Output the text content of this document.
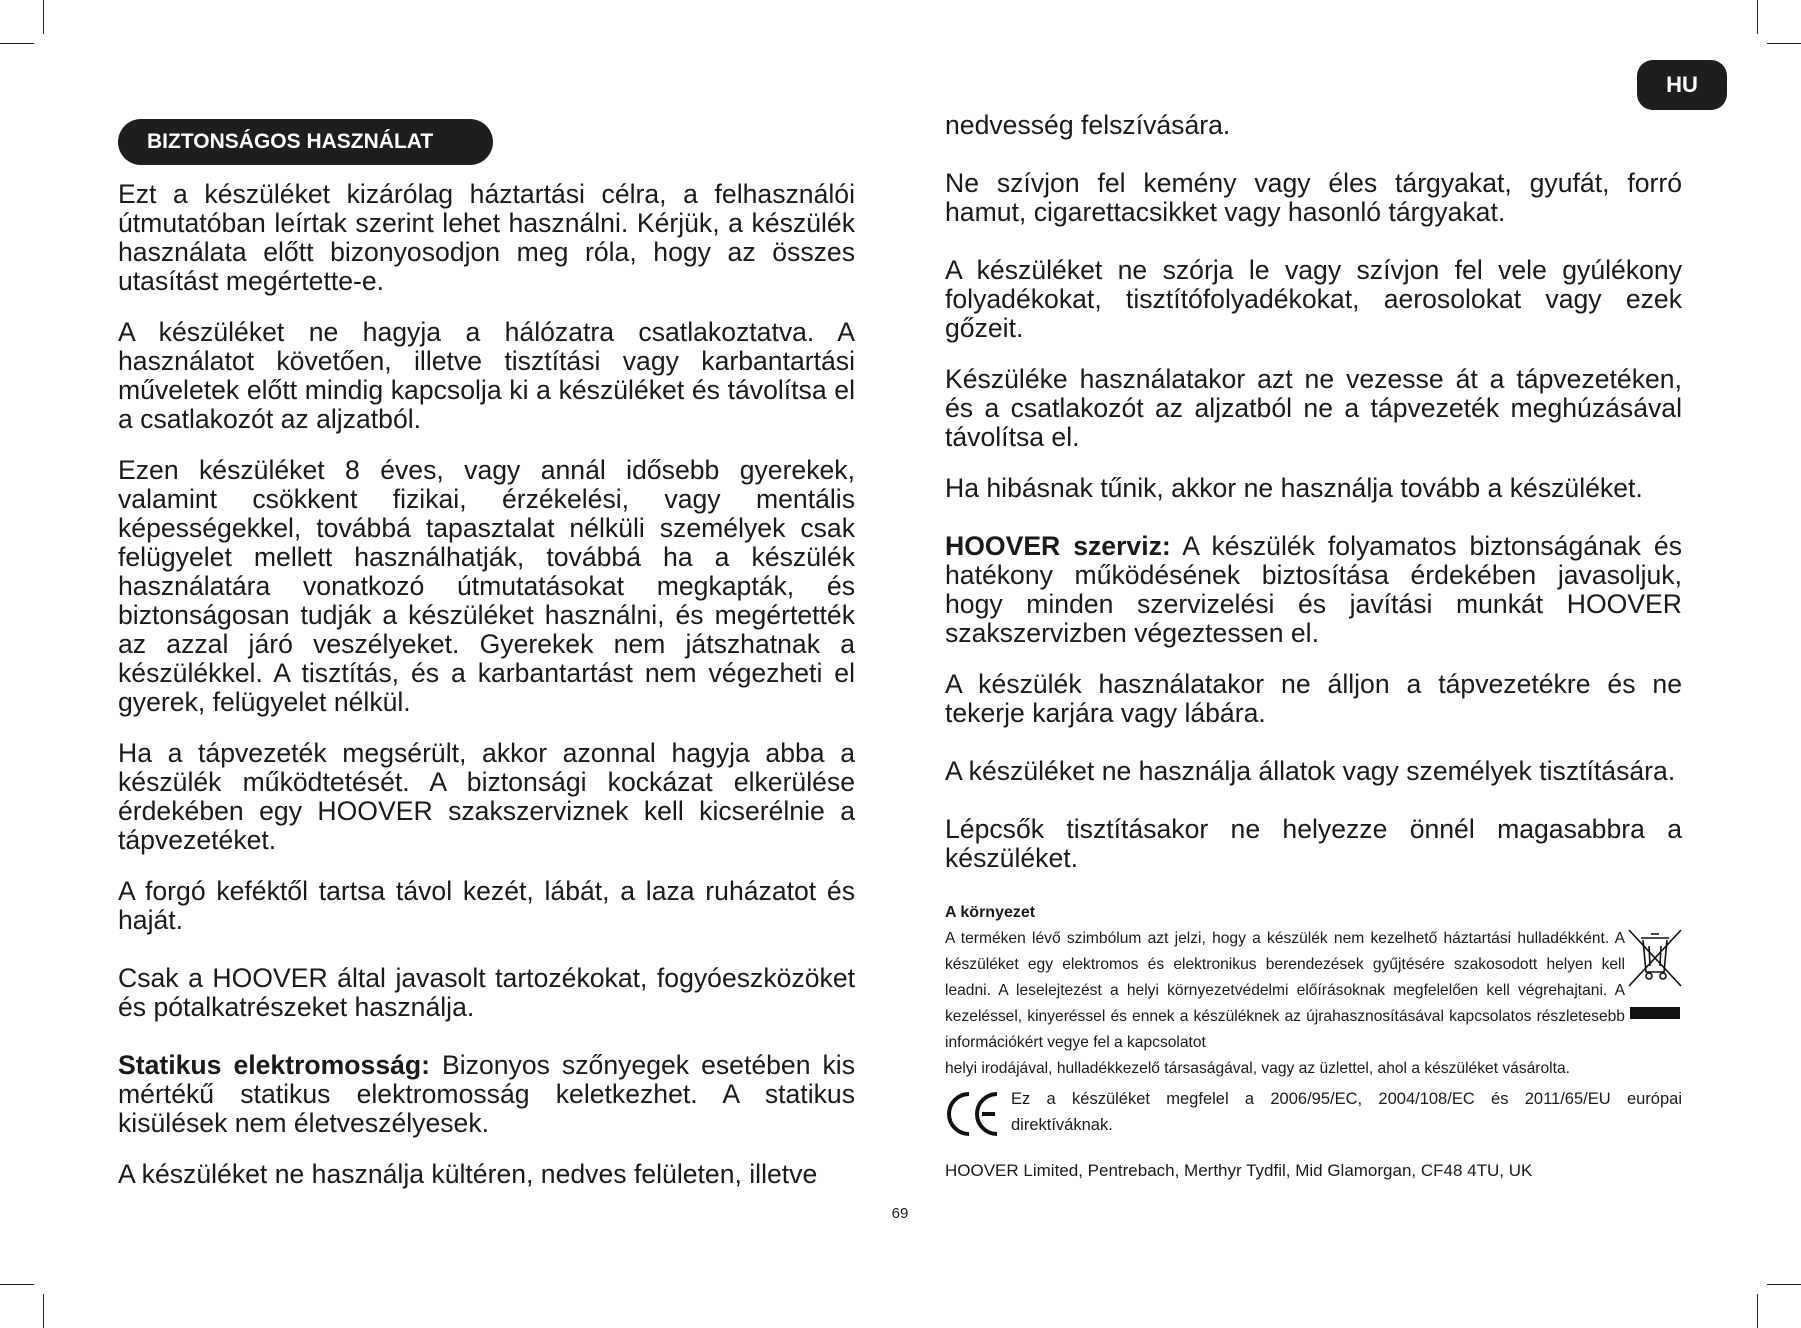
HU
BIZTONSÁGOS HASZNÁLAT

Ezt a készüléket kizárólag háztartási célra, a felhasználói útmutatóban leírtak szerint lehet használni. Kérjük, a készülék használata előtt bizonyosodjon meg róla, hogy az összes utasítást megértette-e.

A készüléket ne hagyja a hálózatra csatlakoztatva. A használatot követően, illetve tisztítási vagy karbantartási műveletek előtt mindig kapcsolja ki a készüléket és távolítsa el a csatlakozót az aljzatból.

Ezen készüléket 8 éves, vagy annál idősebb gyerekek, valamint csökkent fizikai, érzékelési, vagy mentális képességekkel, továbbá tapasztalat nélküli személyek csak felügyelet mellett használhatják, továbbá ha a készülék használatára vonatkozó útmutatásokat megkapták, és biztonságosan tudják a készüléket használni, és megértették az azzal járó veszélyeket. Gyerekek nem játszhatnak a készülékkel. A tisztítás, és a karbantartást nem végezheti el gyerek, felügyelet nélkül.

Ha a tápvezeték megsérült, akkor azonnal hagyja abba a készülék működtetését. A biztonsági kockázat elkerülése érdekében egy HOOVER szakszerviznek kell kicserélnie a tápvezetéket.

A forgó keféktől tartsa távol kezét, lábát, a laza ruházatot és haját.

Csak a HOOVER által javasolt tartozékokat, fogyóeszközöket és pótalkatrészeket használja.

Statikus elektromosság: Bizonyos szőnyegek esetében kis mértékű statikus elektromosság keletkezhet. A statikus kisülések nem életveszélyesek.

A készüléket ne használja kültéren, nedves felületen, illetve

nedvesség felszívására.

Ne szívjon fel kemény vagy éles tárgyakat, gyufát, forró hamut, cigarettacsikket vagy hasonló tárgyakat.

A készüléket ne szórja le vagy szívjon fel vele gyúlékony folyadékokat, tisztítófolyadékokat, aerosolokat vagy ezek gőzeit.

Készüléke használatakor azt ne vezesse át a tápvezetéken, és a csatlakozót az aljzatból ne a tápvezeték meghúzásával távolítsa el.

Ha hibásnak tűnik, akkor ne használja tovább a készüléket.

HOOVER szerviz: A készülék folyamatos biztonságának és hatékony működésének biztosítása érdekében javasoljuk, hogy minden szervizelési és javítási munkát HOOVER szakszervizben végeztessen el.

A készülék használatakor ne álljon a tápvezetékre és ne tekerje karjára vagy lábára.

A készüléket ne használja állatok vagy személyek tisztítására.

Lépcsők tisztításakor ne helyezze önnél magasabbra a készüléket.

A környezet

A terméken lévő szimbólum azt jelzi, hogy a készülék nem kezelhető háztartási hulladékként. A készüléket egy elektromos és elektronikus berendezések gyűjtésére szakosodott helyen kell leadni. A leselejtezést a helyi környezetvédelmi előírásoknak megfelelően kell végrehajtani. A kezeléssel, kinyeréssel és ennek a készüléknek az újrahasznosításával kapcsolatos részletesebb információkért vegye fel a kapcsolatot
helyi irodájával, hulladékkezelő társaságával, vagy az üzlettel, ahol a készüléket vásárolta.

Ez a készüléket megfelel a 2006/95/EC, 2004/108/EC és 2011/65/EU európai direktíváknak.

HOOVER Limited, Pentrebach, Merthyr Tydfil, Mid Glamorgan, CF48 4TU, UK

69
